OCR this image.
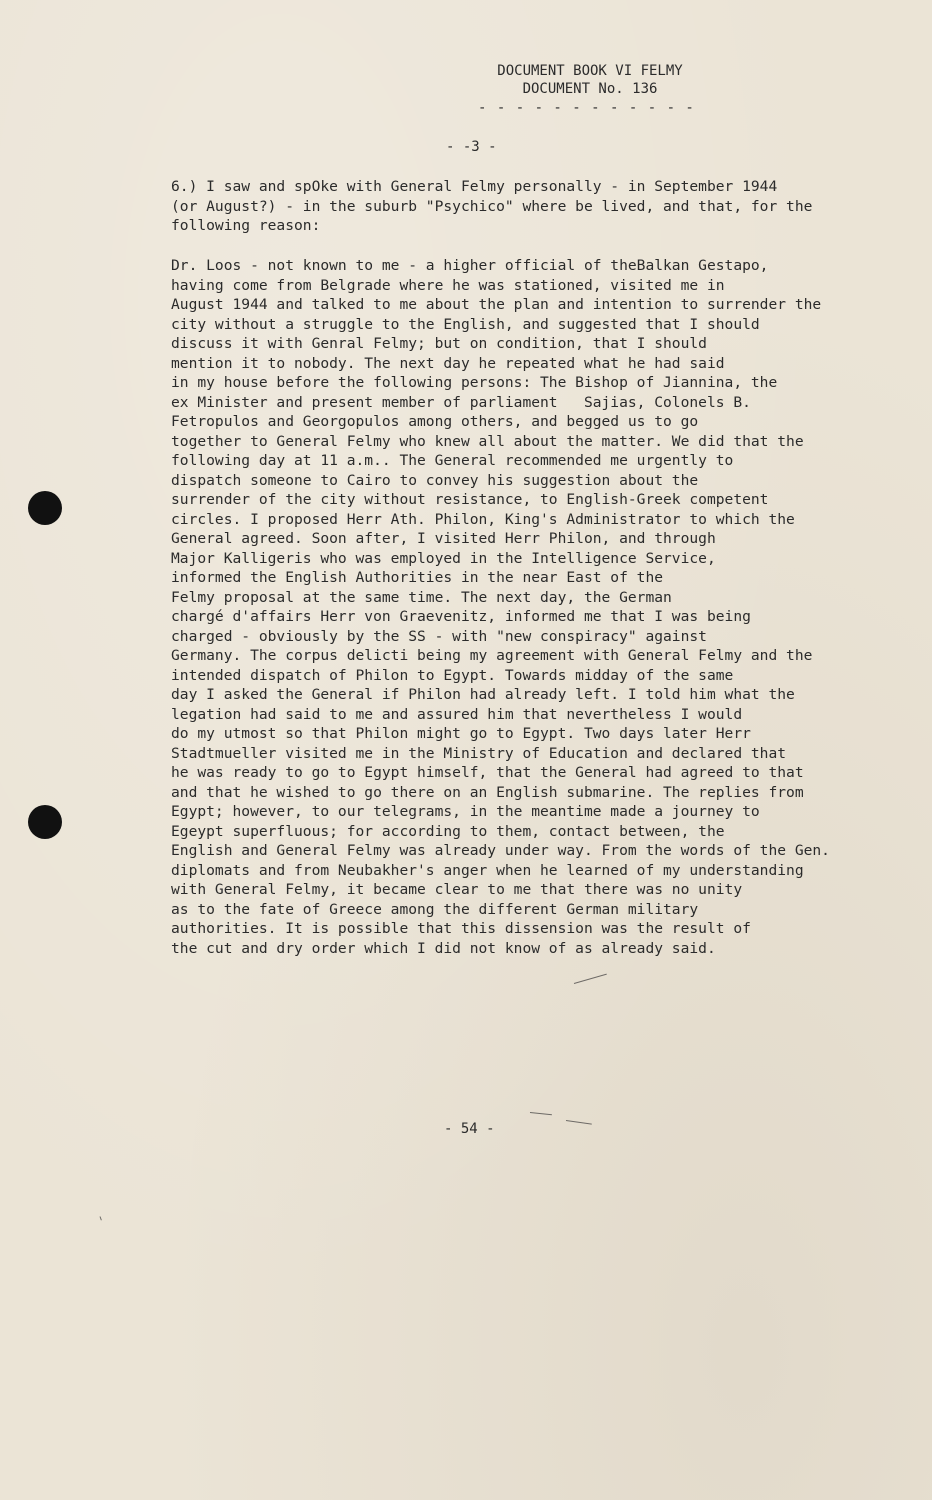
DOCUMENT BOOK VI FELMY
DOCUMENT No. 136
- - - - - - - - - - - -
- -3 -

6.) I saw and spOke with General Felmy personally - in September 1944
(or August?) - in the suburb "Psychico" where be lived, and that, for the
following reason:

Dr. Loos - not known to me - a higher official of theBalkan Gestapo,
having come from Belgrade where he was stationed, visited me in
August 1944 and talked to me about the plan and intention to surrender the
city without a struggle to the English, and suggested that I should
discuss it with Genral Felmy; but on condition, that I should
mention it to nobody. The next day he repeated what he had said
in my house before the following persons: The Bishop of Jiannina, the
ex Minister and present member of parliament   Sajias, Colonels B.
Fetropulos and Georgopulos among others, and begged us to go
together to General Felmy who knew all about the matter. We did that the
following day at 11 a.m.. The General recommended me urgently to
dispatch someone to Cairo to convey his suggestion about the
surrender of the city without resistance, to English-Greek competent
circles. I proposed Herr Ath. Philon, King's Administrator to which the
General agreed. Soon after, I visited Herr Philon, and through
Major Kalligeris who was employed in the Intelligence Service,
informed the English Authorities in the near East of the
Felmy proposal at the same time. The next day, the German
chargé d'affairs Herr von Graevenitz, informed me that I was being
charged - obviously by the SS - with "new conspiracy" against
Germany. The corpus delicti being my agreement with General Felmy and the
intended dispatch of Philon to Egypt. Towards midday of the same
day I asked the General if Philon had already left. I told him what the
legation had said to me and assured him that nevertheless I would
do my utmost so that Philon might go to Egypt. Two days later Herr
Stadtmueller visited me in the Ministry of Education and declared that
he was ready to go to Egypt himself, that the General had agreed to that
and that he wished to go there on an English submarine. The replies from
Egypt; however, to our telegrams, in the meantime made a journey to
Egeypt superfluous; for according to them, contact between, the
English and General Felmy was already under way. From the words of the Gen.
diplomats and from Neubakher's anger when he learned of my understanding
with General Felmy, it became clear to me that there was no unity
as to the fate of Greece among the different German military
authorities. It is possible that this dissension was the result of
the cut and dry order which I did not know of as already said.

- 54 -
